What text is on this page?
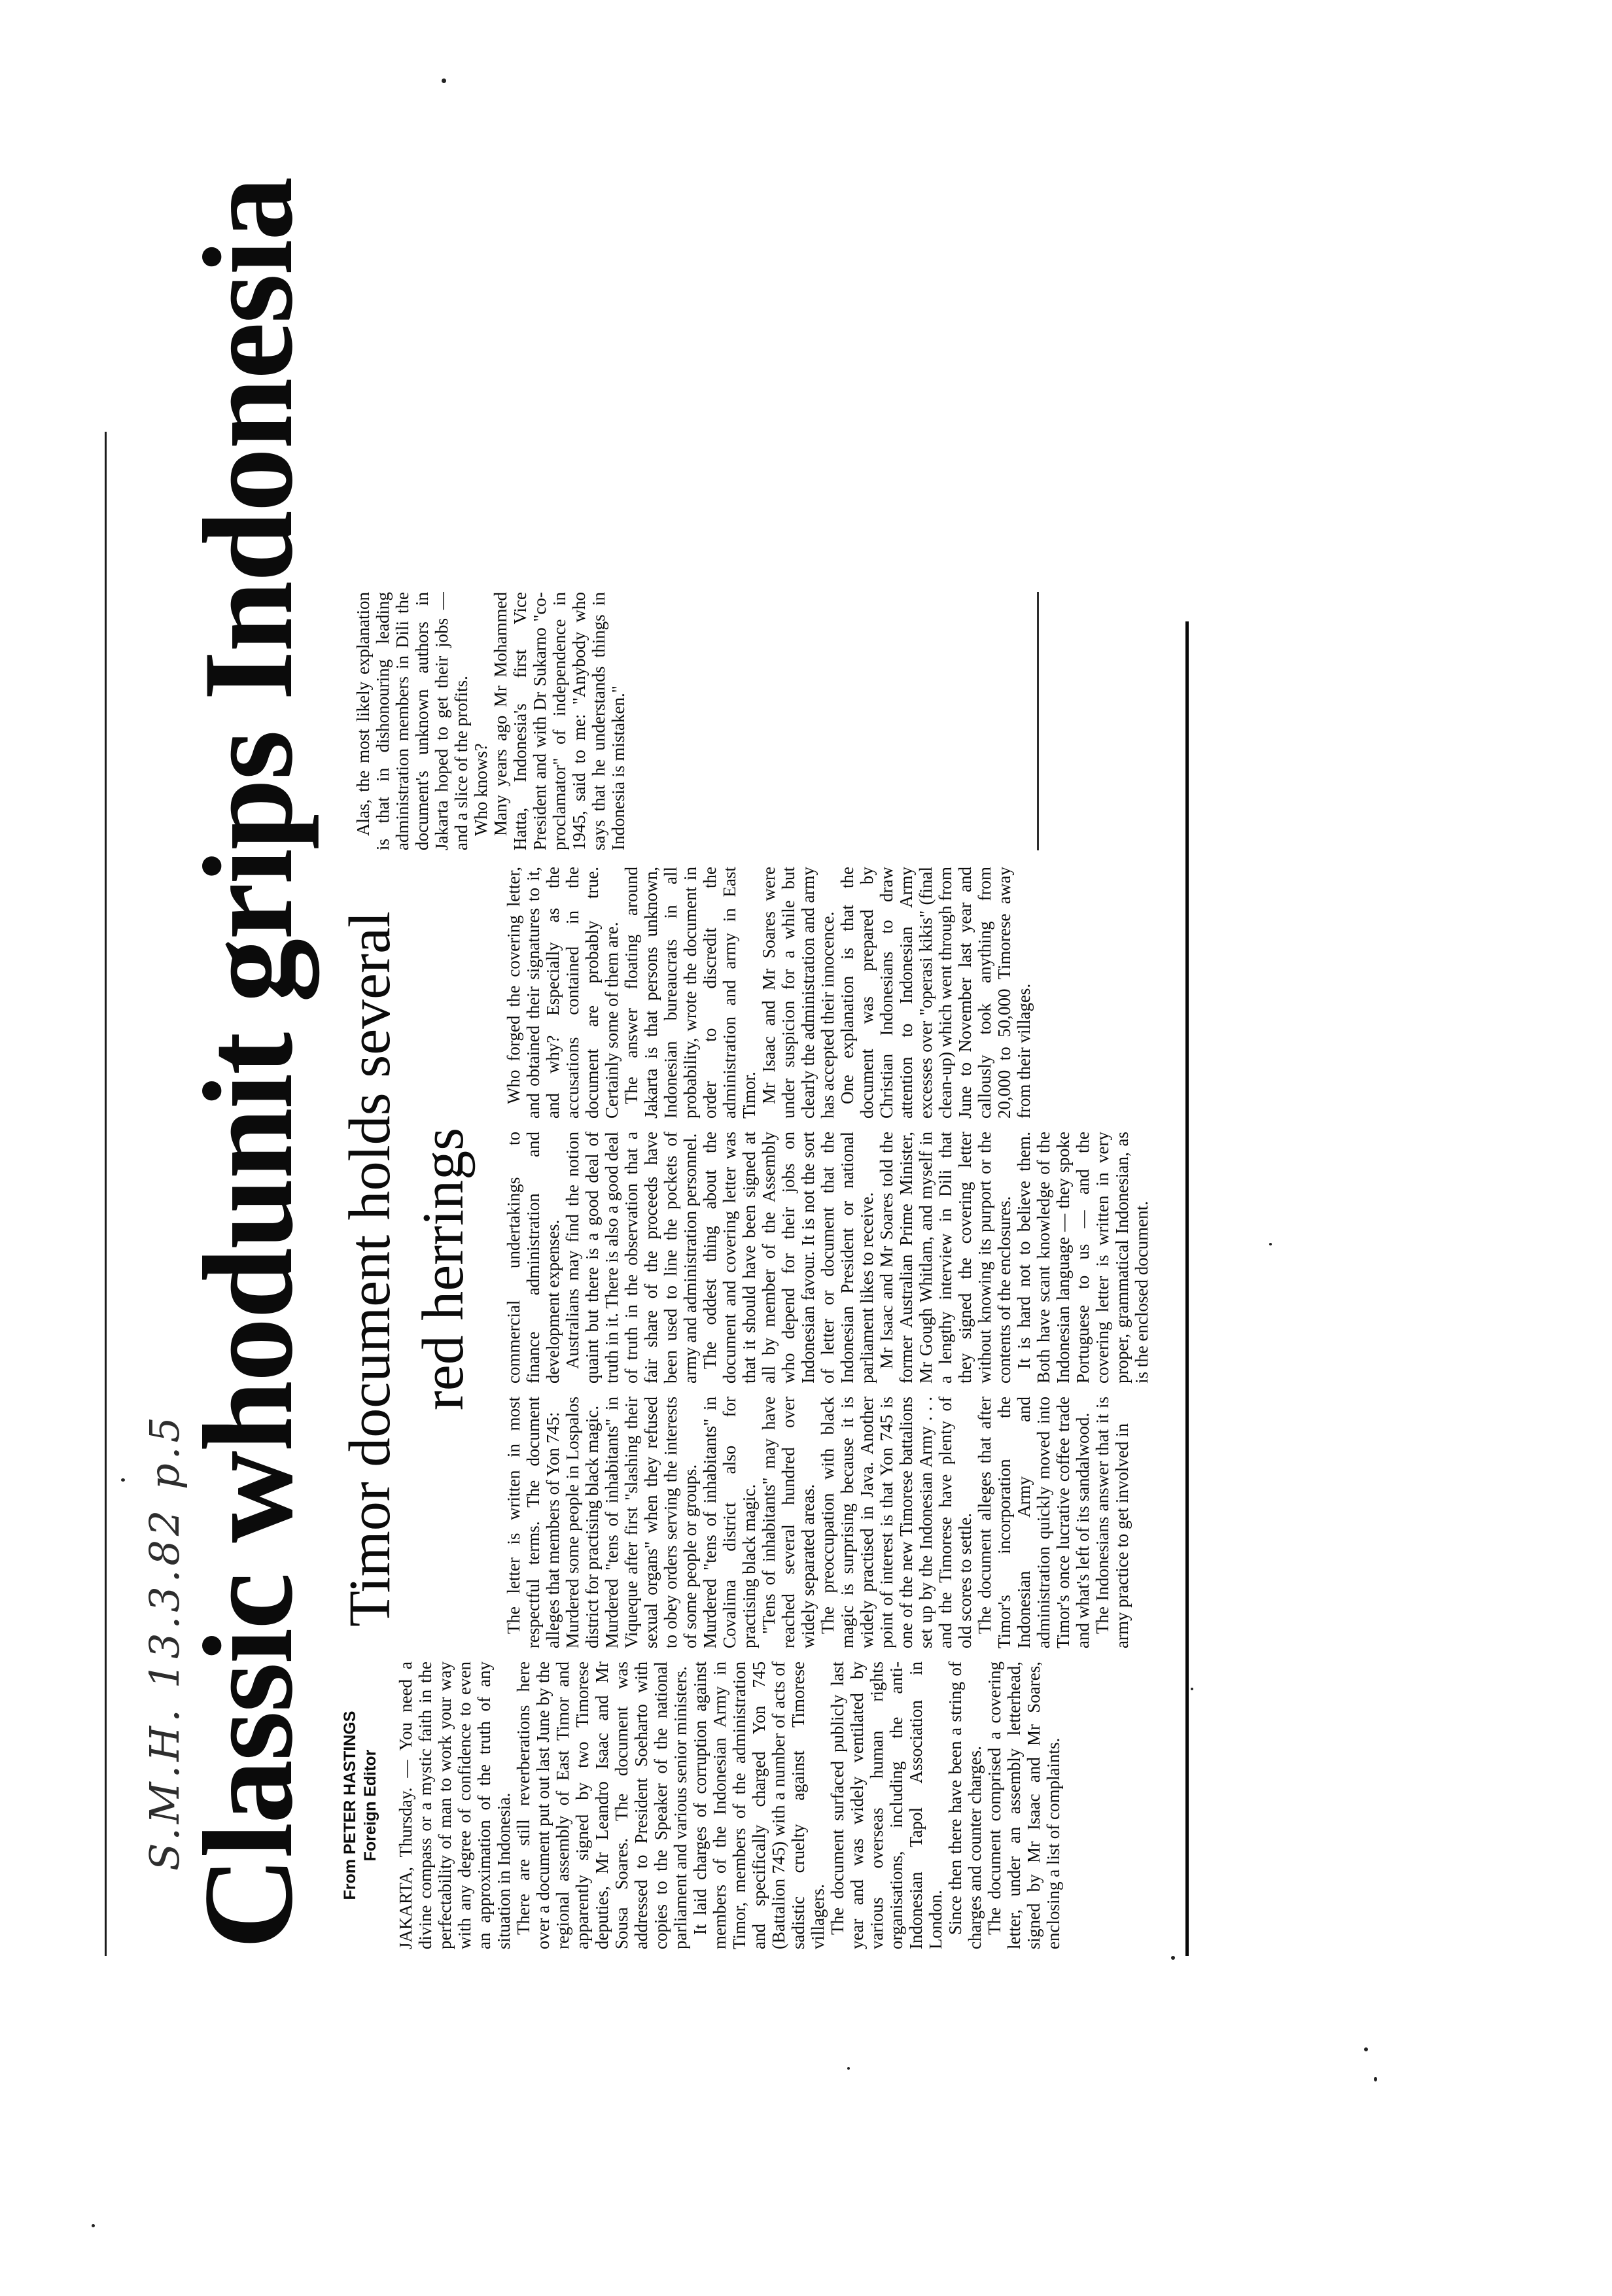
S.M.H. 13.3.82 p.5
Classic whodunit grips Indonesia From PETER HASTINGS
Foreign Editor
Timor document holds several red herrings

JAKARTA, Thursday. — You need a divine compass or a mystic faith in the perfectability of man to work your way with any degree of confidence to even an approximation of the truth of any situation in Indonesia. There are still reverberations here over a document put out last June by the regional assembly of East Timor and apparently signed by two Timorese deputies, Mr Leandro Isaac and Mr Sousa Soares. The document was addressed to President Soeharto with copies to the Speaker of the national parliament and various senior ministers. It laid charges of corruption against members of the Indonesian Army in Timor, members of the administration and specifically charged Yon 745 (Battalion 745) with a number of acts of sadistic cruelty against Timorese villagers. The document surfaced publicly last year and was widely ventilated by various overseas human rights organisations, including the anti-Indonesian Tapol Association in London. Since then there have been a string of charges and counter charges. The document comprised a covering letter, under an assembly letterhead, signed by Mr Isaac and Mr Soares, enclosing a list of complaints.

The letter is written in most respectful terms. The document alleges that members of Yon 745: Murdered some people in Lospalos district for practising black magic. Murdered "tens of inhabitants" in Viqueque after first "slashing their sexual organs" when they refused to obey orders serving the interests of some people or groups. Murdered "tens of inhabitants" in Covalima district also for practising black magic. "Tens of inhabitants" may have reached several hundred over widely separated areas. The preoccupation with black magic is surprising because it is widely practised in Java. Another point of interest is that Yon 745 is one of the new Timorese battalions set up by the Indonesian Army . . . and the Timorese have plenty of old scores to settle. The document alleges that after Timor's incorporation the Indonesian Army and administration quickly moved into Timor's once lucrative coffee trade and what's left of its sandalwood. The Indonesians answer that it is army practice to get involved in

commercial undertakings to finance administration and development expenses. Australians may find the notion quaint but there is a good deal of truth in it. There is also a good deal of truth in the observation that a fair share of the proceeds have been used to line the pockets of army and administration personnel. The oddest thing about the document and covering letter was that it should have been signed at all by member of the Assembly who depend for their jobs on Indonesian favour. It is not the sort of letter or document that the Indonesian President or national parliament likes to receive. Mr Isaac and Mr Soares told the former Australian Prime Minister, Mr Gough Whitlam, and myself in a lengthy interview in Dili that they signed the covering letter without knowing its purport or the contents of the enclosures. It is hard not to believe them. Both have scant knowledge of the Indonesian language — they spoke Portuguese to us — and the covering letter is written in very proper, grammatical Indonesian, as is the enclosed document.

Who forged the covering letter, and obtained their signatures to it, and why? Especially as the accusations contained in the document are probably true. Certainly some of them are. The answer floating around Jakarta is that persons unknown, Indonesian bureaucrats in all probability, wrote the document in order to discredit the administration and army in East Timor. Mr Isaac and Mr Soares were under suspicion for a while but clearly the administration and army has accepted their innocence. One explanation is that the document was prepared by Christian Indonesians to draw attention to Indonesian Army excesses over "operasi kikis" (final clean-up) which went through from June to November last year and callously took anything from 20,000 to 50,000 Timorese away from their villages.

Alas, the most likely explanation is that in dishonouring leading administration members in Dili the document's unknown authors in Jakarta hoped to get their jobs — and a slice of the profits. Who knows? Many years ago Mr Mohammed Hatta, Indonesia's first Vice President and with Dr Sukarno "co-proclamator" of independence in 1945, said to me: "Anybody who says that he understands things in Indonesia is mistaken."
